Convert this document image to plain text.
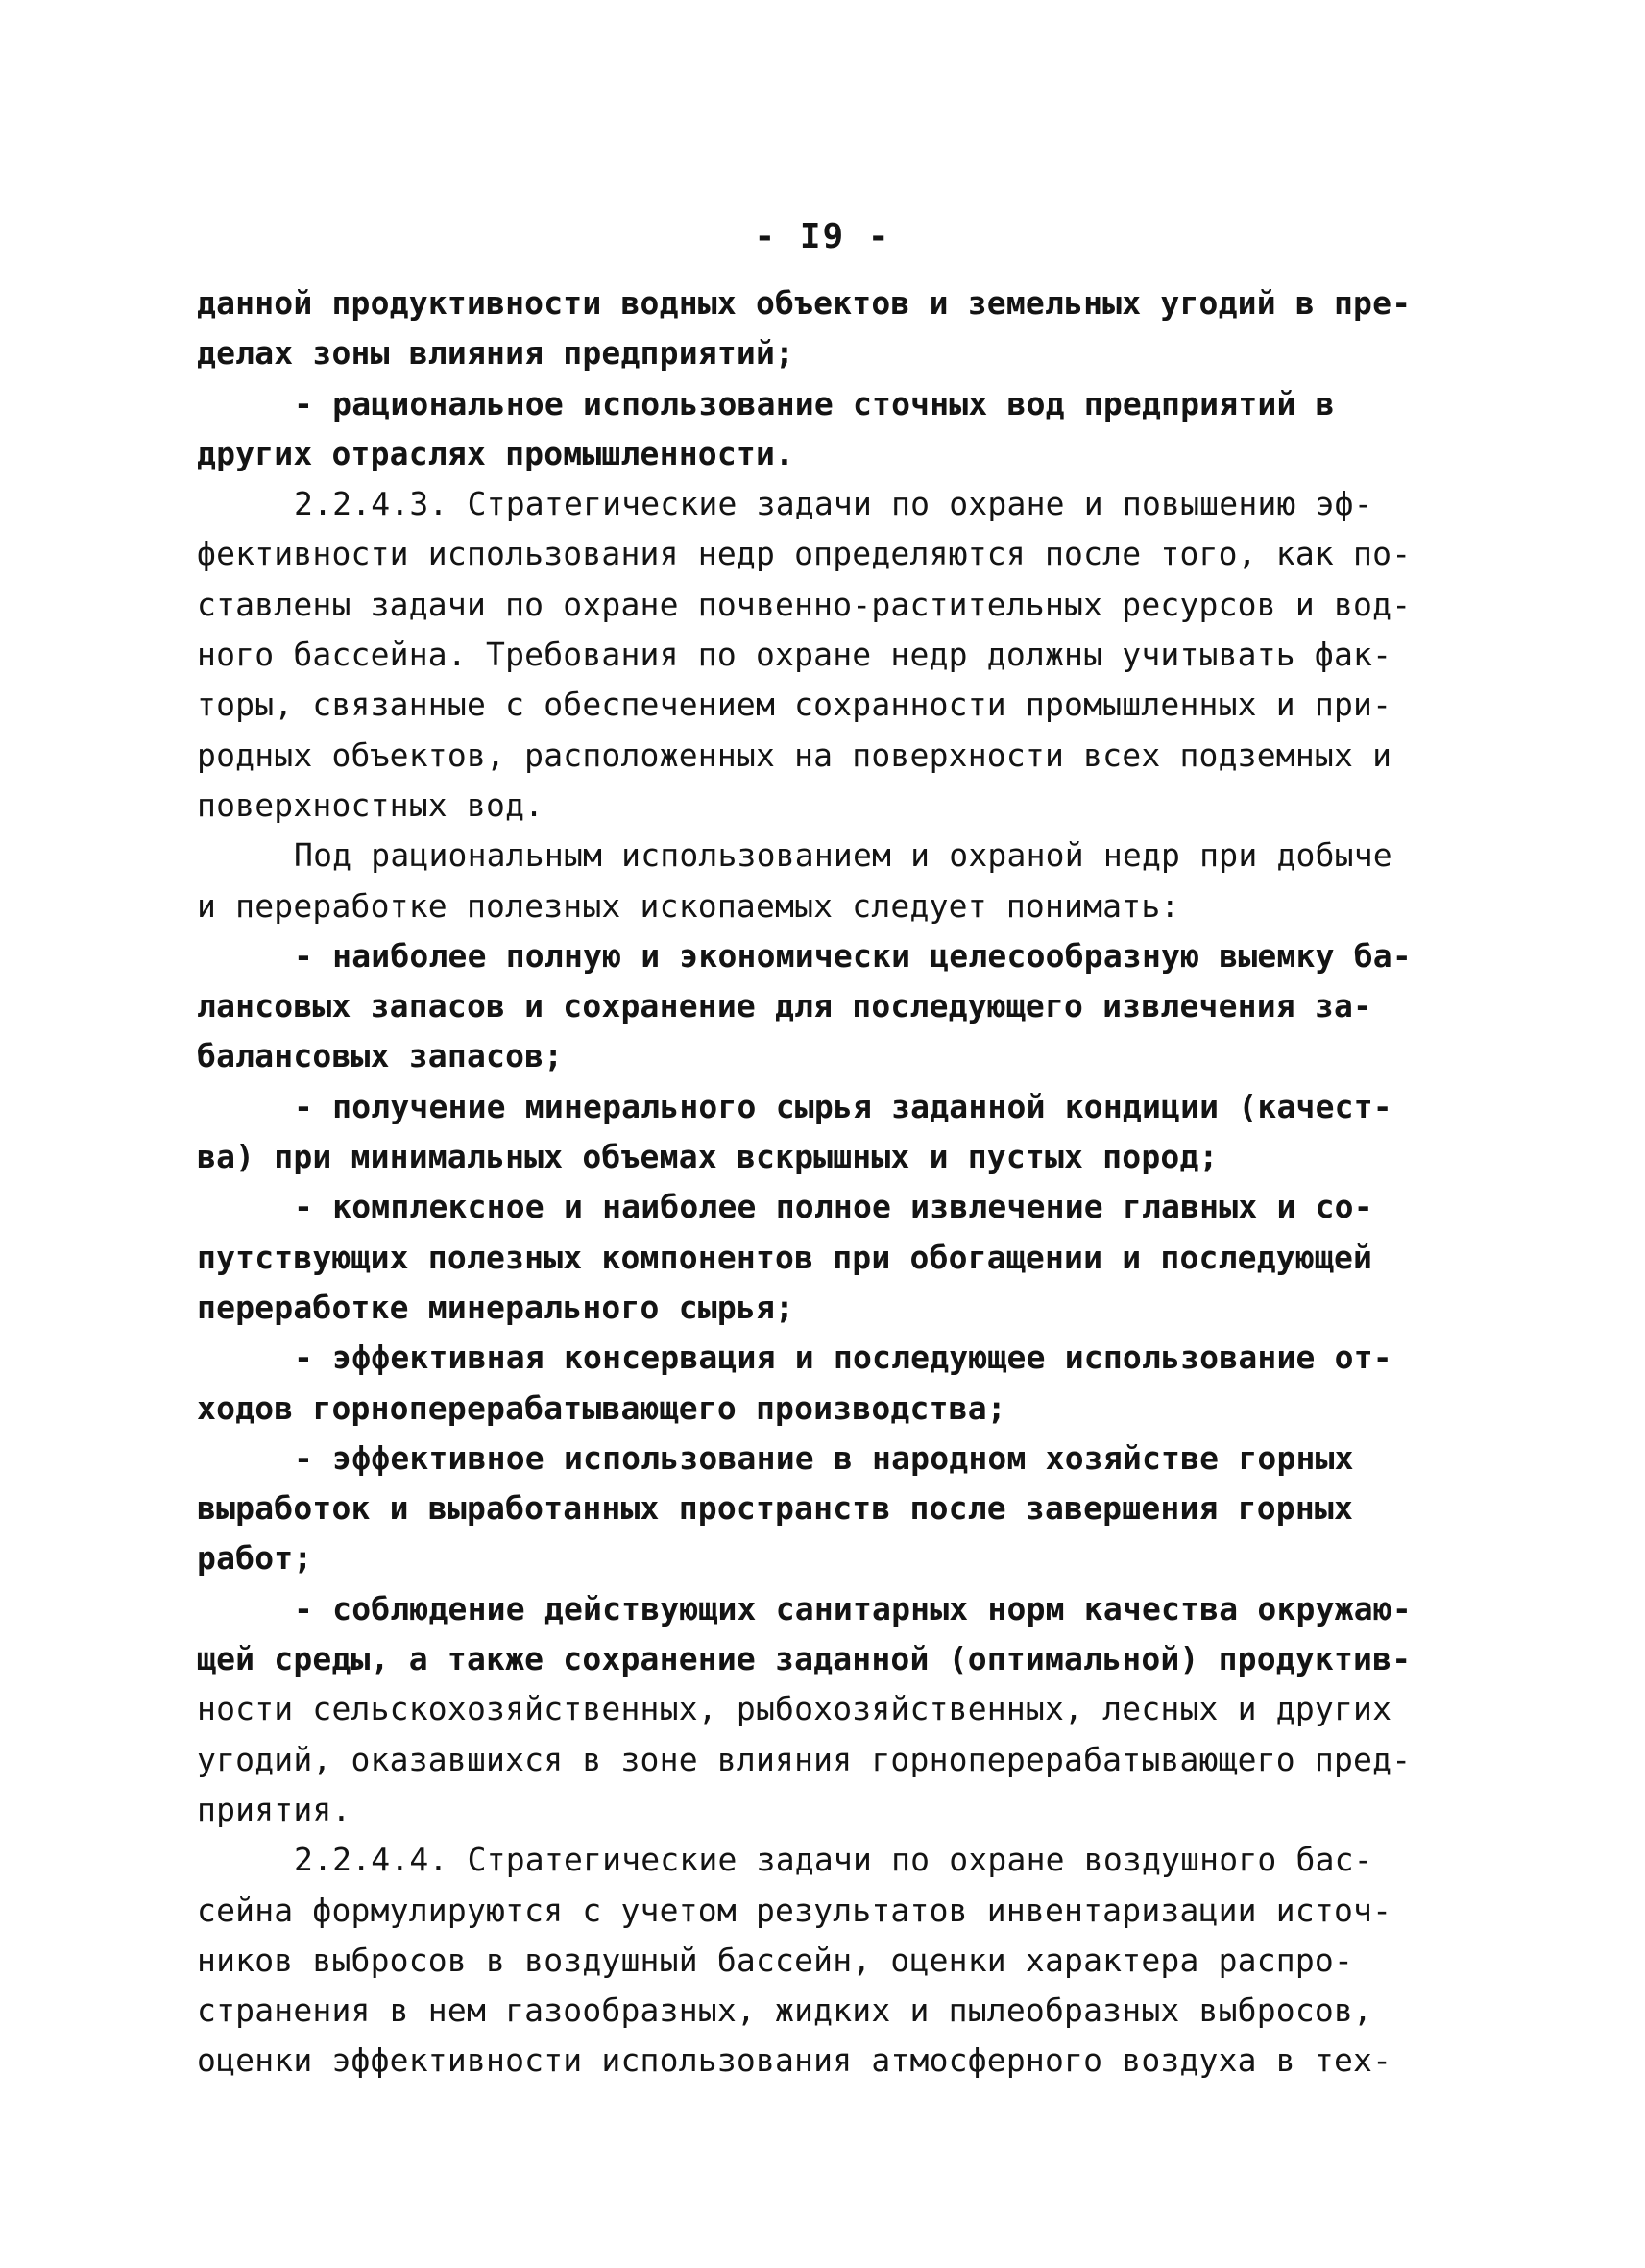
- I9 -
данной продуктивности водных объектов и земельных угодий в пре-
делах зоны влияния предприятий;
- рациональное использование сточных вод предприятий в
других отраслях промышленности.
2.2.4.3. Стратегические задачи по охране и повышению эф-
фективности использования недр определяются после того, как по-
ставлены задачи по охране почвенно-растительных ресурсов и вод-
ного бассейна. Требования по охране недр должны учитывать фак-
торы, связанные с обеспечением сохранности промышленных и при-
родных объектов, расположенных на поверхности всех подземных и
поверхностных вод.
Под рациональным использованием и охраной недр при добыче
и переработке полезных ископаемых следует понимать:
- наиболее полную и экономически целесообразную выемку ба-
лансовых запасов и сохранение для последующего извлечения за-
балансовых запасов;
- получение минерального сырья заданной кондиции (качест-
ва) при минимальных объемах вскрышных и пустых пород;
- комплексное и наиболее полное извлечение главных и со-
путствующих полезных компонентов при обогащении и последующей
переработке минерального сырья;
- эффективная консервация и последующее использование от-
ходов горноперерабатывающего производства;
- эффективное использование в народном хозяйстве горных
выработок и выработанных пространств после завершения горных
работ;
- соблюдение действующих санитарных норм качества окружаю-
щей среды, а также сохранение заданной (оптимальной) продуктив-
ности сельскохозяйственных, рыбохозяйственных, лесных и других
угодий, оказавшихся в зоне влияния горноперерабатывающего пред-
приятия.
2.2.4.4. Стратегические задачи по охране воздушного бас-
сейна формулируются с учетом результатов инвентаризации источ-
ников выбросов в воздушный бассейн, оценки характера распро-
странения в нем газообразных, жидких и пылеобразных выбросов,
оценки эффективности использования атмосферного воздуха в тех-
